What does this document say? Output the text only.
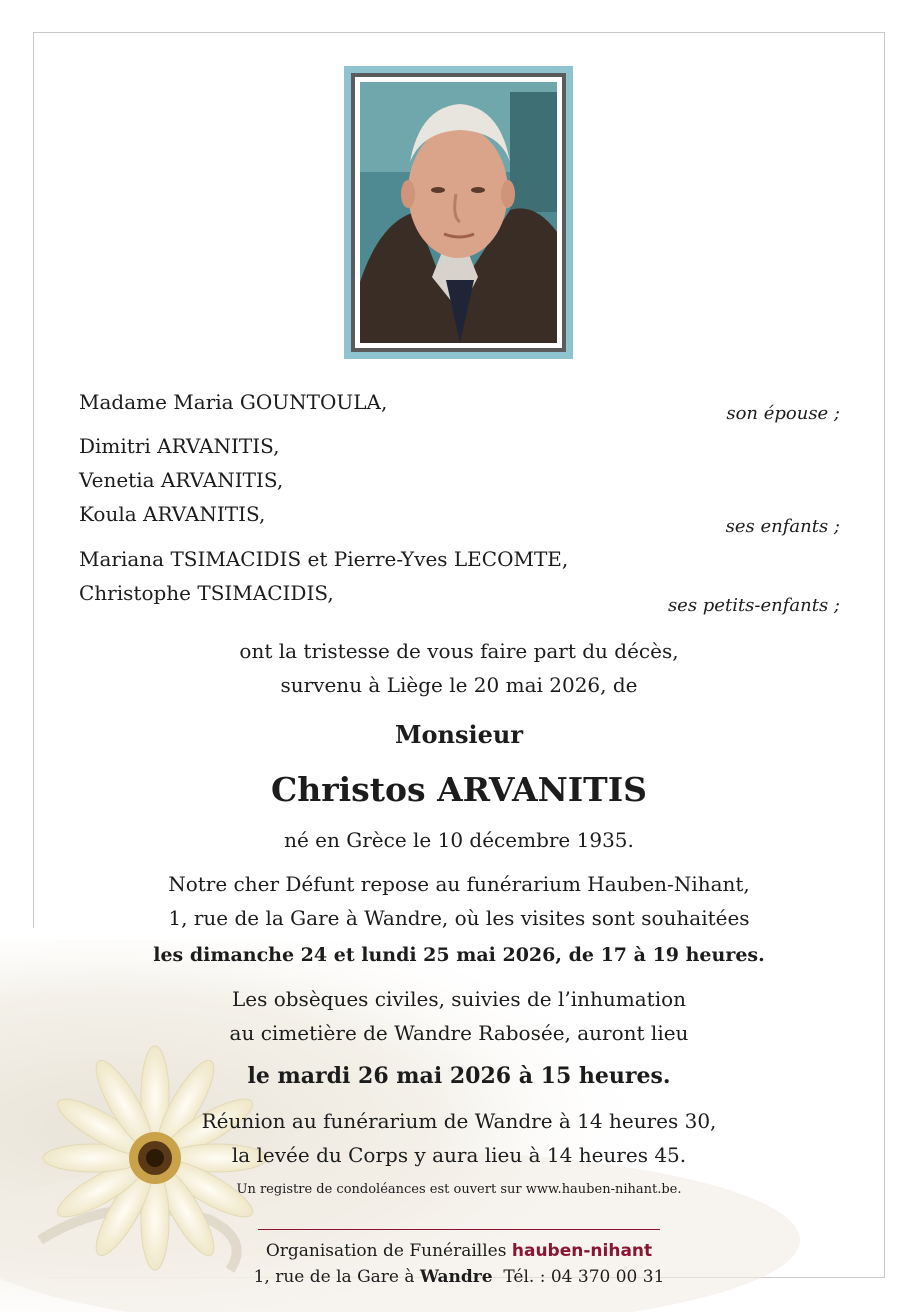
Madame Maria GOUNTOULA,	son épouse ;
Dimitri ARVANITIS,
Venetia ARVANITIS,
Koula ARVANITIS,
ses enfants ;
Mariana TSIMACIDIS et Pierre-Yves LECOMTE,
Christophe TSIMACIDIS,
ses petits-enfants ;
ont la tristesse de vous faire part du décès,
survenu à Liège le 20 mai 2026, de
Monsieur
Christos ARVANITIS
né en Grèce le 10 décembre 1935.
Notre cher Défunt repose au funérarium Hauben-Nihant,
1, rue de la Gare à Wandre, où les visites sont souhaitées
les dimanche 24 et lundi 25 mai 2026, de 17 à 19 heures.
Les obsèques civiles, suivies de l’inhumation
au cimetière de Wandre Rabosée, auront lieu
le mardi 26 mai 2026 à 15 heures.
Réunion au funérarium de Wandre à 14 heures 30,
la levée du Corps y aura lieu à 14 heures 45.
Un registre de condoléances est ouvert sur www.hauben-nihant.be.
Organisation de Funérailles hauben-nihant
1, rue de la Gare à Wandre  Tél. : 04 370 00 31
